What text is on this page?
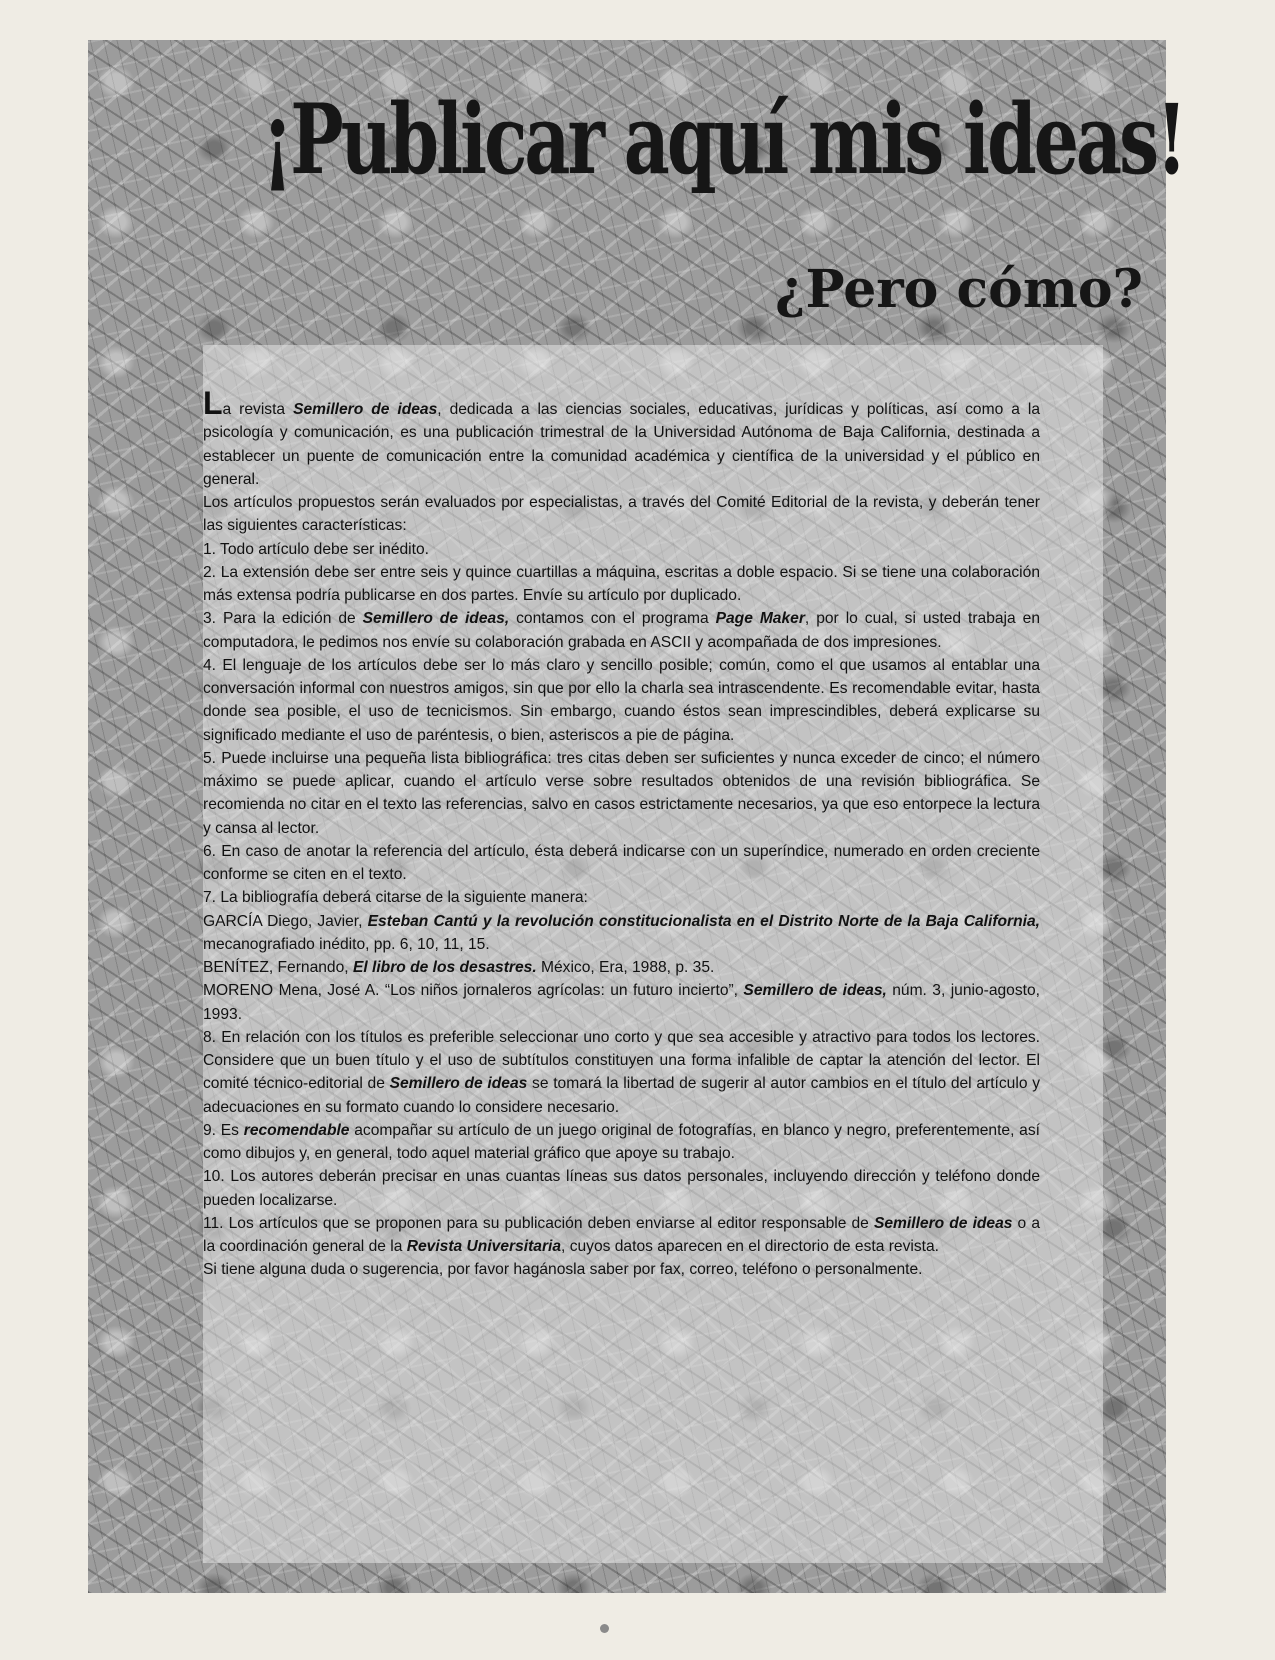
¡Publicar aquí mis ideas!
¿Pero cómo?

La revista Semillero de ideas, dedicada a las ciencias sociales, educativas, jurídicas y políticas, así como a la psicología y comunicación, es una publicación trimestral de la Universidad Autónoma de Baja California, destinada a establecer un puente de comunicación entre la comunidad académica y científica de la universidad y el público en general.

Los artículos propuestos serán evaluados por especialistas, a través del Comité Editorial de la revista, y deberán tener las siguientes características:

1. Todo artículo debe ser inédito.

2. La extensión debe ser entre seis y quince cuartillas a máquina, escritas a doble espacio. Si se tiene una colaboración más extensa podría publicarse en dos partes. Envíe su artículo por duplicado.

3. Para la edición de Semillero de ideas, contamos con el programa Page Maker, por lo cual, si usted trabaja en computadora, le pedimos nos envíe su colaboración grabada en ASCII y acompañada de dos impresiones.

4. El lenguaje de los artículos debe ser lo más claro y sencillo posible; común, como el que usamos al entablar una conversación informal con nuestros amigos, sin que por ello la charla sea intrascendente. Es recomendable evitar, hasta donde sea posible, el uso de tecnicismos. Sin embargo, cuando éstos sean imprescindibles, deberá explicarse su significado mediante el uso de paréntesis, o bien, asteriscos a pie de página.

5. Puede incluirse una pequeña lista bibliográfica: tres citas deben ser suficientes y nunca exceder de cinco; el número máximo se puede aplicar, cuando el artículo verse sobre resultados obtenidos de una revisión bibliográfica. Se recomienda no citar en el texto las referencias, salvo en casos estrictamente necesarios, ya que eso entorpece la lectura y cansa al lector.

6. En caso de anotar la referencia del artículo, ésta deberá indicarse con un superíndice, numerado en orden creciente conforme se citen en el texto.

7. La bibliografía deberá citarse de la siguiente manera:

GARCÍA Diego, Javier, Esteban Cantú y la revolución constitucionalista en el Distrito Norte de la Baja California, mecanografiado inédito, pp. 6, 10, 11, 15.

BENÍTEZ, Fernando, El libro de los desastres. México, Era, 1988, p. 35.

MORENO Mena, José A. “Los niños jornaleros agrícolas: un futuro incierto”, Semillero de ideas, núm. 3, junio-agosto, 1993.

8. En relación con los títulos es preferible seleccionar uno corto y que sea accesible y atractivo para todos los lectores. Considere que un buen título y el uso de subtítulos constituyen una forma infalible de captar la atención del lector. El comité técnico-editorial de Semillero de ideas se tomará la libertad de sugerir al autor cambios en el título del artículo y adecuaciones en su formato cuando lo considere necesario.

9. Es recomendable acompañar su artículo de un juego original de fotografías, en blanco y negro, preferentemente, así como dibujos y, en general, todo aquel material gráfico que apoye su trabajo.

10. Los autores deberán precisar en unas cuantas líneas sus datos personales, incluyendo dirección y teléfono donde pueden localizarse.

11. Los artículos que se proponen para su publicación deben enviarse al editor responsable de Semillero de ideas o a la coordinación general de la Revista Universitaria, cuyos datos aparecen en el directorio de esta revista.

Si tiene alguna duda o sugerencia, por favor hagánosla saber por fax, correo, teléfono o personalmente.
